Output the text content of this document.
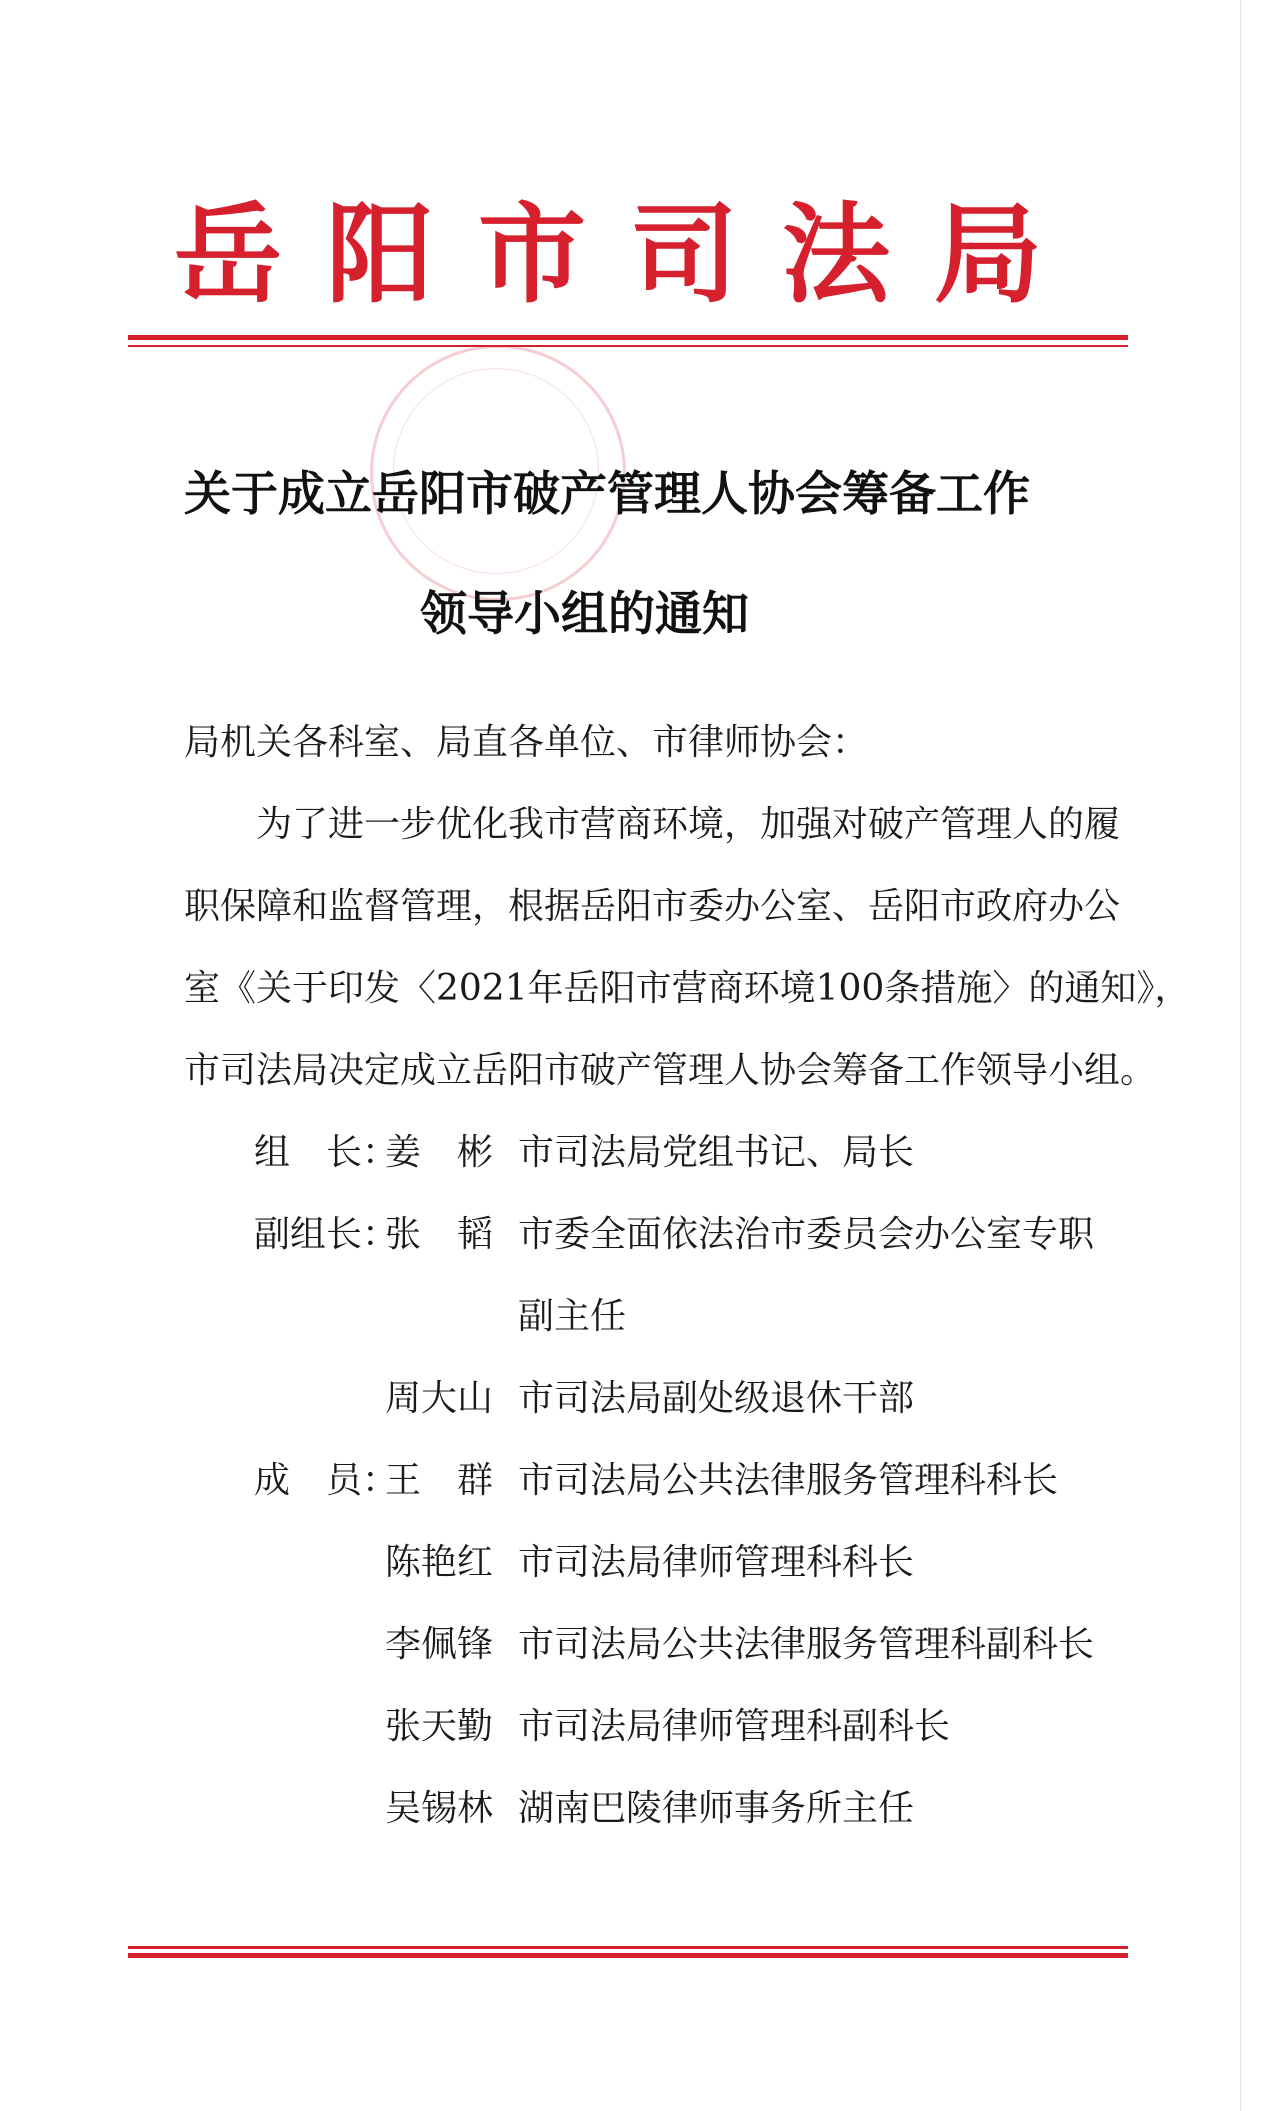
岳阳市司法局
关于成立岳阳市破产管理人协会筹备工作
领导小组的通知
局机关各科室、局直各单位、市律师协会：
为了进一步优化我市营商环境，加强对破产管理人的履
职保障和监督管理，根据岳阳市委办公室、岳阳市政府办公
室《关于印发〈2021年岳阳市营商环境100条措施〉的通知》，
市司法局决定成立岳阳市破产管理人协会筹备工作领导小组。
组　长：
姜　彬 市司法局党组书记、局长
副组长：
张　韬 市委全面依法治市委员会办公室专职
副主任
周大山 市司法局副处级退休干部
成　员：
王　群 市司法局公共法律服务管理科科长
陈艳红 市司法局律师管理科科长
李佩锋 市司法局公共法律服务管理科副科长
张天勤 市司法局律师管理科副科长
吴锡林 湖南巴陵律师事务所主任
